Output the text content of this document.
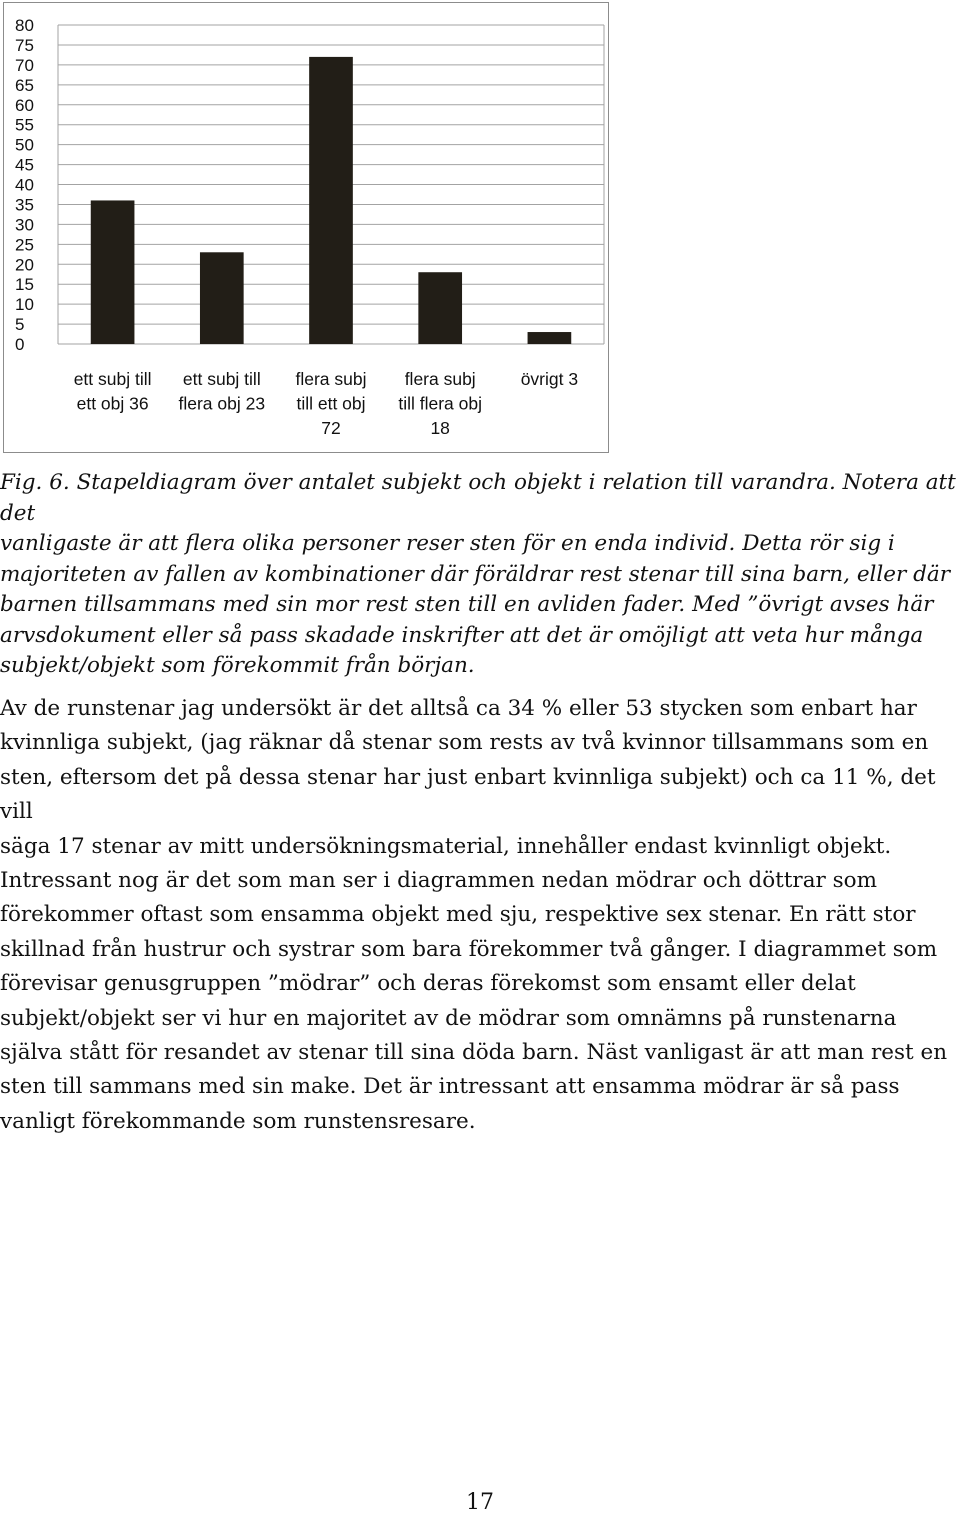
0
5
10
15
20
25
30
35
40
45
50
55
60
65
70
75
80
ett subj till
ett obj 36
ett subj till
flera obj 23
flera subj
till ett obj
72
flera subj
till flera obj
18
övrigt 3

Fig. 6. Stapeldiagram över antalet subjekt och objekt i relation till varandra. Notera att det
vanligaste är att flera olika personer reser sten för en enda individ. Detta rör sig i
majoriteten av fallen av kombinationer där föräldrar rest stenar till sina barn, eller där
barnen tillsammans med sin mor rest sten till en avliden fader. Med ”övrigt avses här
arvsdokument eller så pass skadade inskrifter att det är omöjligt att veta hur många
subjekt/objekt som förekommit från början.

Av de runstenar jag undersökt är det alltså ca 34 % eller 53 stycken som enbart har
kvinnliga subjekt, (jag räknar då stenar som rests av två kvinnor tillsammans som en
sten, eftersom det på dessa stenar har just enbart kvinnliga subjekt) och ca 11 %, det vill
säga 17 stenar av mitt undersökningsmaterial, innehåller endast kvinnligt objekt.
Intressant nog är det som man ser i diagrammen nedan mödrar och döttrar som
förekommer oftast som ensamma objekt med sju, respektive sex stenar. En rätt stor
skillnad från hustrur och systrar som bara förekommer två gånger. I diagrammet som
förevisar genusgruppen ”mödrar” och deras förekomst som ensamt eller delat
subjekt/objekt ser vi hur en majoritet av de mödrar som omnämns på runstenarna
själva stått för resandet av stenar till sina döda barn. Näst vanligast är att man rest en
sten till sammans med sin make. Det är intressant att ensamma mödrar är så pass
vanligt förekommande som runstensresare.

17
